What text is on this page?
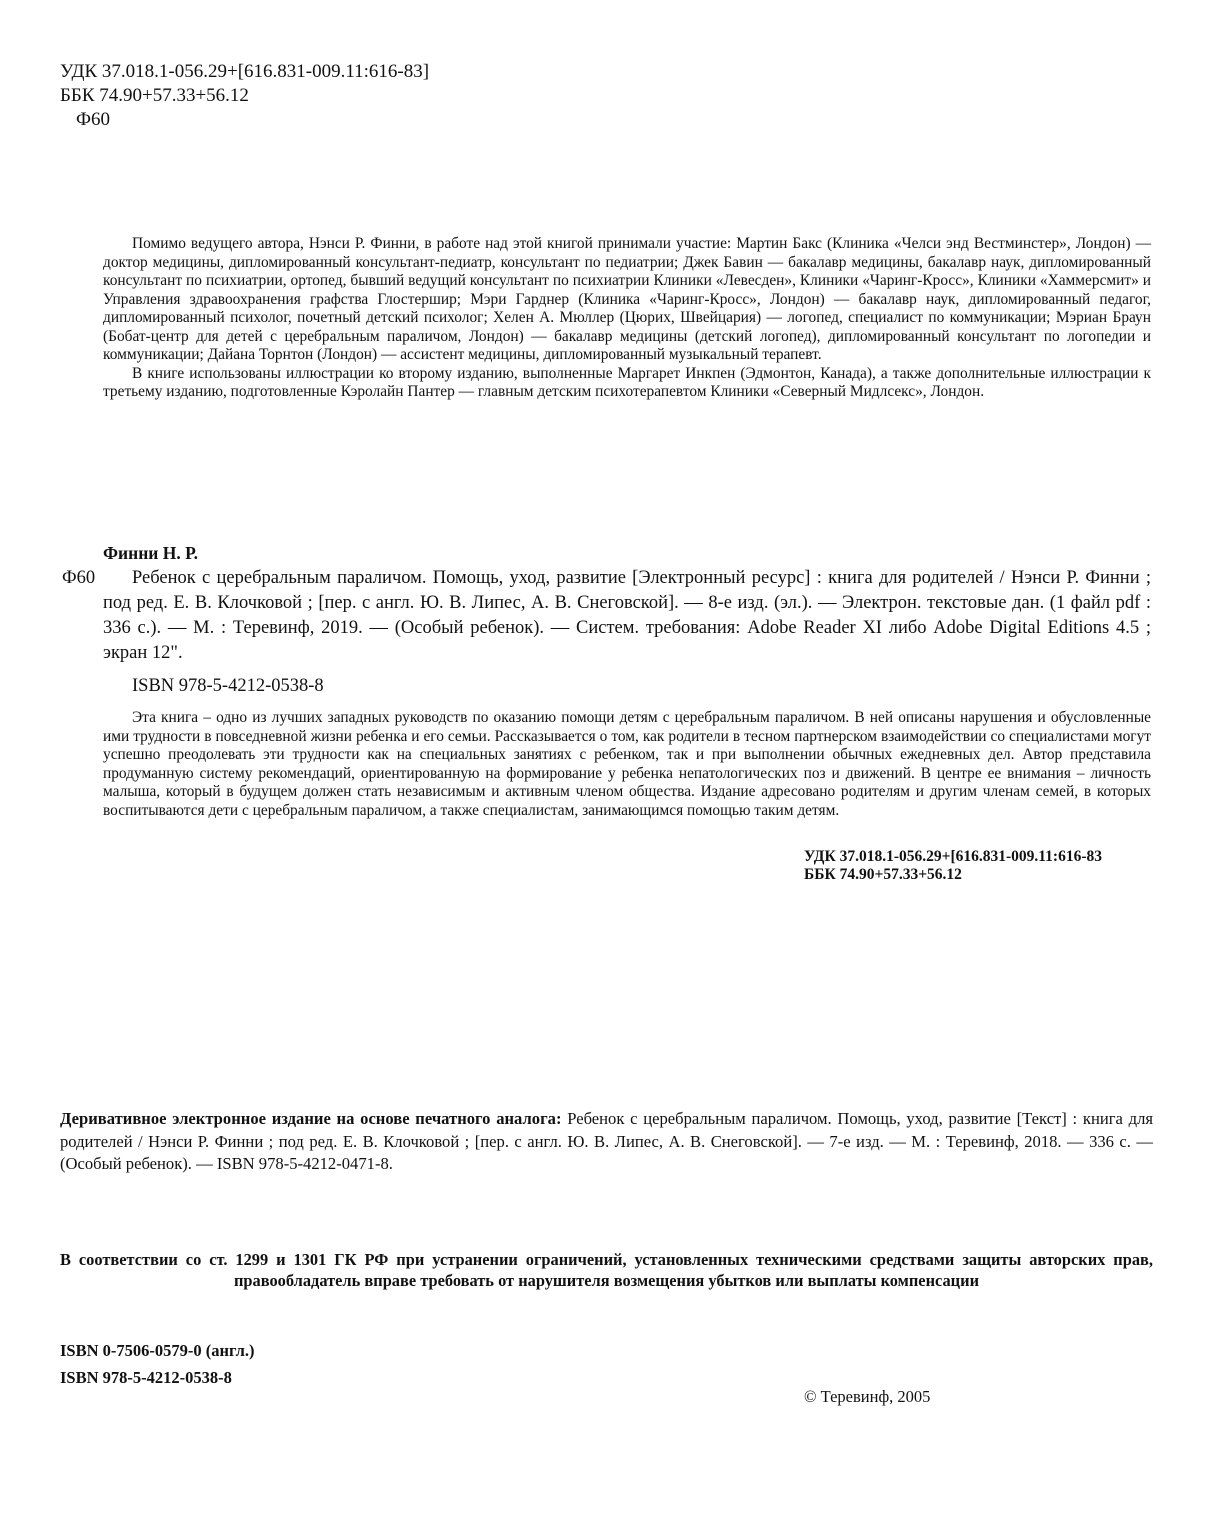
УДК 37.018.1-056.29+[616.831-009.11:616-83]
ББК 74.90+57.33+56.12
Ф60

Помимо ведущего автора, Нэнси Р. Финни, в работе над этой книгой принимали участие: Мартин Бакс (Клиника «Челси энд Вестминстер», Лондон) — доктор медицины, дипломированный консультант-педиатр, консультант по педиатрии; Джек Бавин — бакалавр медицины, бакалавр наук, дипломированный консультант по психиатрии, ортопед, бывший ведущий консультант по психиатрии Клиники «Левеcден», Клиники «Чаринг-Кросс», Клиники «Хаммерсмит» и Управления здравоохранения графства Глостершир; Мэри Гарднер (Клиника «Чаринг-Кросс», Лондон) — бакалавр наук, дипломированный педагог, дипломированный психолог, почетный детский психолог; Хелен А. Мюллер (Цюрих, Швейцария) — логопед, специалист по коммуникации; Мэриан Браун (Бобат-центр для детей с церебральным параличом, Лондон) — бакалавр медицины (детский логопед), дипломированный консультант по логопедии и коммуникации; Дайана Торнтон (Лондон) — ассистент медицины, дипломированный музыкальный терапевт.

В книге использованы иллюстрации ко второму изданию, выполненные Маргарет Инкпен (Эдмонтон, Канада), а также дополнительные иллюстрации к третьему изданию, подготовленные Кэролайн Пантер — главным детским психотерапевтом Клиники «Северный Мидлсекс», Лондон.

Финни Н. Р.
Ф60	Ребенок с церебральным параличом. Помощь, уход, развитие [Электронный ресурс] : книга для родителей / Нэнси Р. Финни ; под ред. Е. В. Клочковой ; [пер. с англ. Ю. В. Липес, А. В. Снеговской]. — 8-е изд. (эл.). — Электрон. текстовые дан. (1 файл pdf : 336 с.). — М. : Теревинф, 2019. — (Особый ребенок). — Систем. требования: Adobe Reader XI либо Adobe Digital Editions 4.5 ; экран 12".
ISBN 978-5-4212-0538-8

Эта книга – одно из лучших западных руководств по оказанию помощи детям с церебральным параличом. В ней описаны нарушения и обусловленные ими трудности в повседневной жизни ребенка и его семьи. Рассказывается о том, как родители в тесном партнерском взаимодействии со специалистами могут успешно преодолевать эти трудности как на специальных занятиях с ребенком, так и при выполнении обычных ежедневных дел. Автор представила продуманную систему рекомендаций, ориентированную на формирование у ребенка непатологических поз и движений. В центре ее внимания – личность малыша, который в будущем должен стать независимым и активным членом общества. Издание адресовано родителям и другим членам семей, в которых воспитываются дети с церебральным параличом, а также специалистам, занимающимся помощью таким детям.

УДК 37.018.1-056.29+[616.831-009.11:616-83
ББК 74.90+57.33+56.12
Деривативное электронное издание на основе печатного аналога: Ребенок с церебральным параличом. Помощь, уход, развитие [Текст] : книга для родителей / Нэнси Р. Финни ; под ред. Е. В. Клочковой ; [пер. с англ. Ю. В. Липес, А. В. Снеговской]. — 7-е изд. — М. : Теревинф, 2018. — 336 с. — (Особый ребенок). — ISBN 978-5-4212-0471-8.
В соответствии со ст. 1299 и 1301 ГК РФ при устранении ограничений, установленных техническими средствами защиты авторских прав, правообладатель вправе требовать от нарушителя возмещения убытков или выплаты компенсации
ISBN 0-7506-0579-0 (англ.)
ISBN 978-5-4212-0538-8
© Теревинф, 2005
